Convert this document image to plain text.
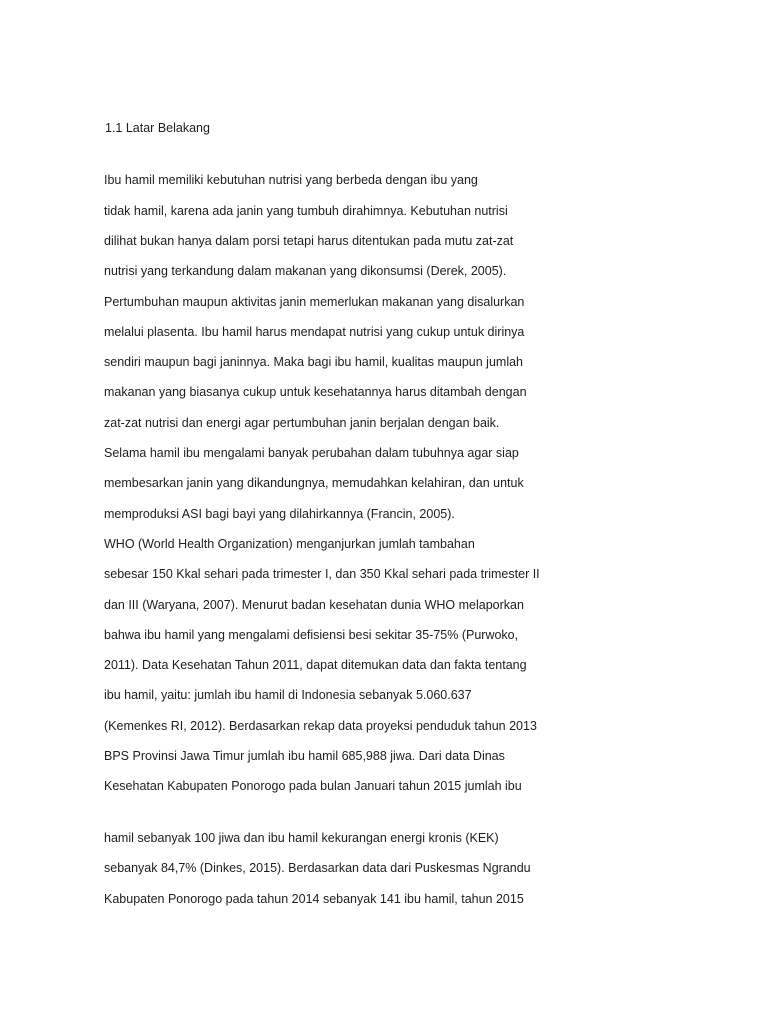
1.1 Latar Belakang
Ibu hamil memiliki kebutuhan nutrisi yang berbeda dengan ibu yang
tidak hamil, karena ada janin yang tumbuh dirahimnya. Kebutuhan nutrisi
dilihat bukan hanya dalam porsi tetapi harus ditentukan pada mutu zat-zat
nutrisi yang terkandung dalam makanan yang dikonsumsi (Derek, 2005).
Pertumbuhan maupun aktivitas janin memerlukan makanan yang disalurkan
melalui plasenta. Ibu hamil harus mendapat nutrisi yang cukup untuk dirinya
sendiri maupun bagi janinnya. Maka bagi ibu hamil, kualitas maupun jumlah
makanan yang biasanya cukup untuk kesehatannya harus ditambah dengan
zat-zat nutrisi dan energi agar pertumbuhan janin berjalan dengan baik.
Selama hamil ibu mengalami banyak perubahan dalam tubuhnya agar siap
membesarkan janin yang dikandungnya, memudahkan kelahiran, dan untuk
memproduksi ASI bagi bayi yang dilahirkannya (Francin, 2005).
WHO (World Health Organization) menganjurkan jumlah tambahan
sebesar 150 Kkal sehari pada trimester I, dan 350 Kkal sehari pada trimester II
dan III (Waryana, 2007). Menurut badan kesehatan dunia WHO melaporkan
bahwa ibu hamil yang mengalami defisiensi besi sekitar 35-75% (Purwoko,
2011). Data Kesehatan Tahun 2011, dapat ditemukan data dan fakta tentang
ibu hamil, yaitu: jumlah ibu hamil di Indonesia sebanyak 5.060.637
(Kemenkes RI, 2012). Berdasarkan rekap data proyeksi penduduk tahun 2013
BPS Provinsi Jawa Timur jumlah ibu hamil 685,988 jiwa. Dari data Dinas
Kesehatan Kabupaten Ponorogo pada bulan Januari tahun 2015 jumlah ibu
hamil sebanyak 100 jiwa dan ibu hamil kekurangan energi kronis (KEK)
sebanyak 84,7% (Dinkes, 2015). Berdasarkan data dari Puskesmas Ngrandu
Kabupaten Ponorogo pada tahun 2014 sebanyak 141 ibu hamil, tahun 2015
